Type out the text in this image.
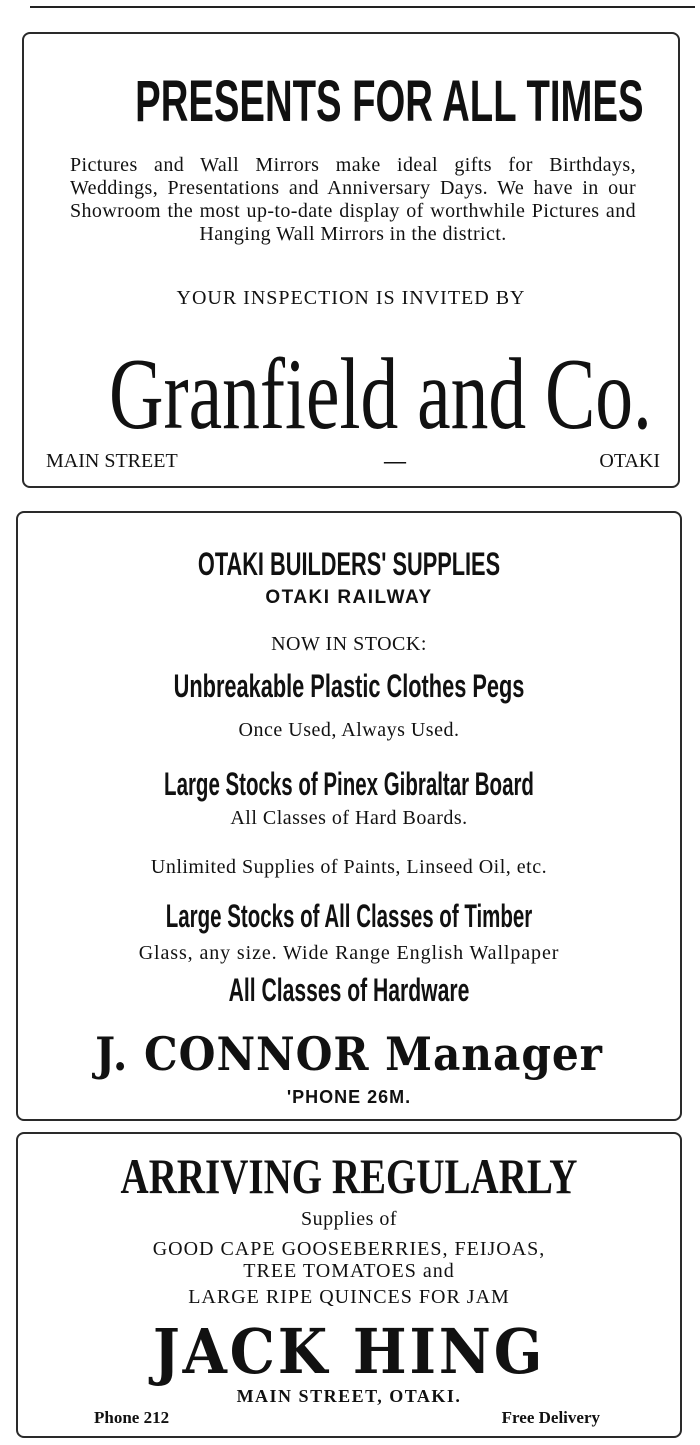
PRESENTS FOR ALL TIMES

Pictures and Wall Mirrors make ideal gifts for Birthdays, Weddings, Presentations and Anniversary Days. We have in our Showroom the most up-to-date display of worthwhile Pictures and Hanging Wall Mirrors in the district.

YOUR INSPECTION IS INVITED BY
Granfield and Co.
MAIN STREET	—	OTAKI
OTAKI BUILDERS' SUPPLIES
OTAKI RAILWAY
NOW IN STOCK:
Unbreakable Plastic Clothes Pegs
Once Used, Always Used.
Large Stocks of Pinex Gibraltar Board
All Classes of Hard Boards.
Unlimited Supplies of Paints, Linseed Oil, etc.
Large Stocks of All Classes of Timber
Glass, any size. Wide Range English Wallpaper
All Classes of Hardware
J. CONNOR Manager
'PHONE 26M.
ARRIVING REGULARLY
Supplies of
GOOD CAPE GOOSEBERRIES, FEIJOAS,
TREE TOMATOES and
LARGE RIPE QUINCES FOR JAM
JACK HING
MAIN STREET, OTAKI.
Phone 212	Free Delivery
